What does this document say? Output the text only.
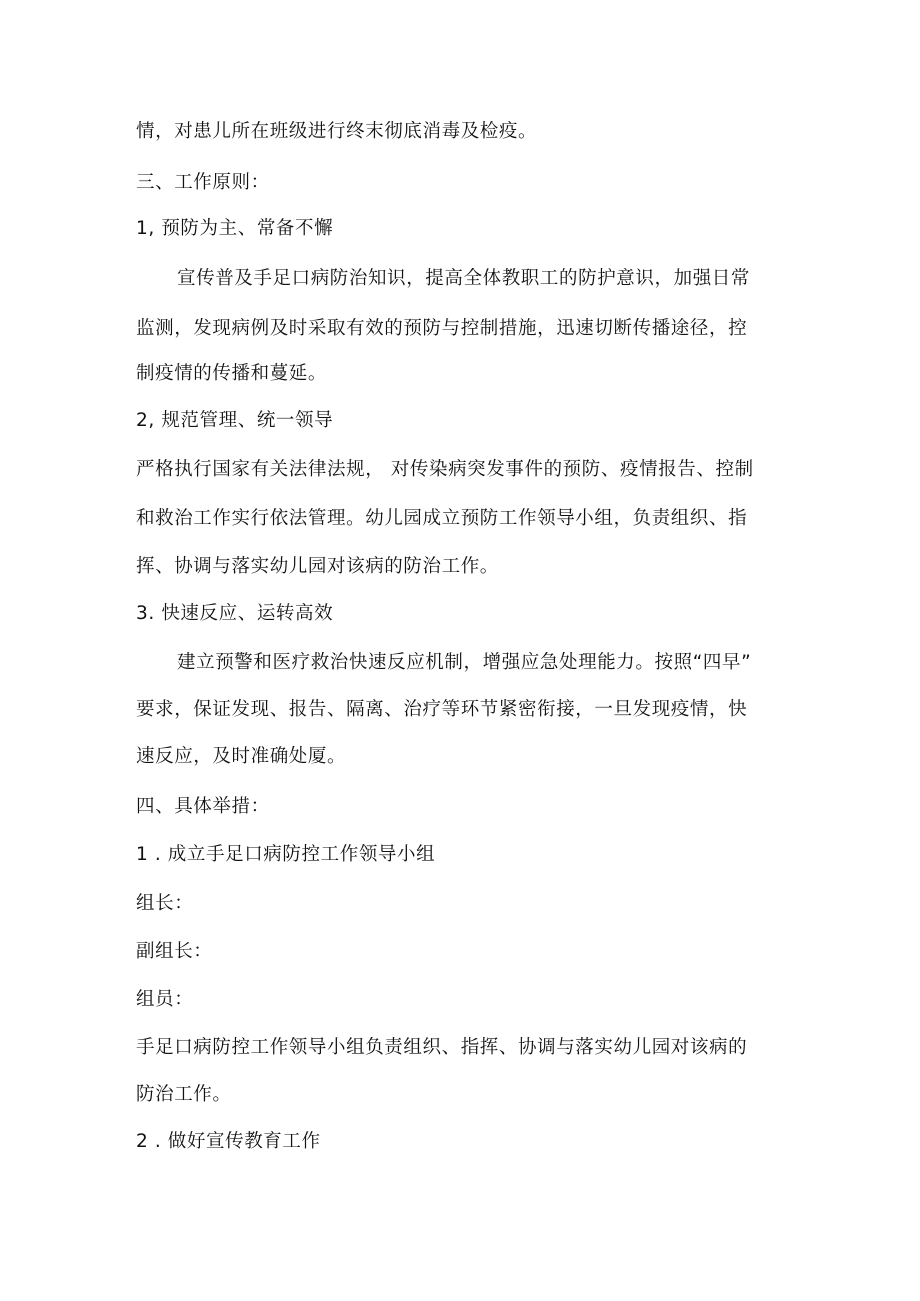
情，对患儿所在班级进行终末彻底消毒及检疫。

三、工作原则：

1, 预防为主、常备不懈

宣传普及手足口病防治知识，提高全体教职工的防护意识，加强日常

监测，发现病例及时采取有效的预防与控制措施，迅速切断传播途径，控

制疫情的传播和蔓延。

2, 规范管理、统一领导

严格执行国家有关法律法规， 对传染病突发事件的预防、疫情报告、控制

和救治工作实行依法管理。幼儿园成立预防工作领导小组，负责组织、指

挥、协调与落实幼儿园对该病的防治工作。

3. 快速反应、运转高效

建立预警和医疗救治快速反应机制，增强应急处理能力。按照“四早”

要求，保证发现、报告、隔离、治疗等环节紧密衔接，一旦发现疫情，快

速反应，及时准确处厦。

四、具体举措：

1 . 成立手足口病防控工作领导小组

组长：

副组长：

组员：

手足口病防控工作领导小组负责组织、指挥、协调与落实幼儿园对该病的

防治工作。

2 . 做好宣传教育工作
